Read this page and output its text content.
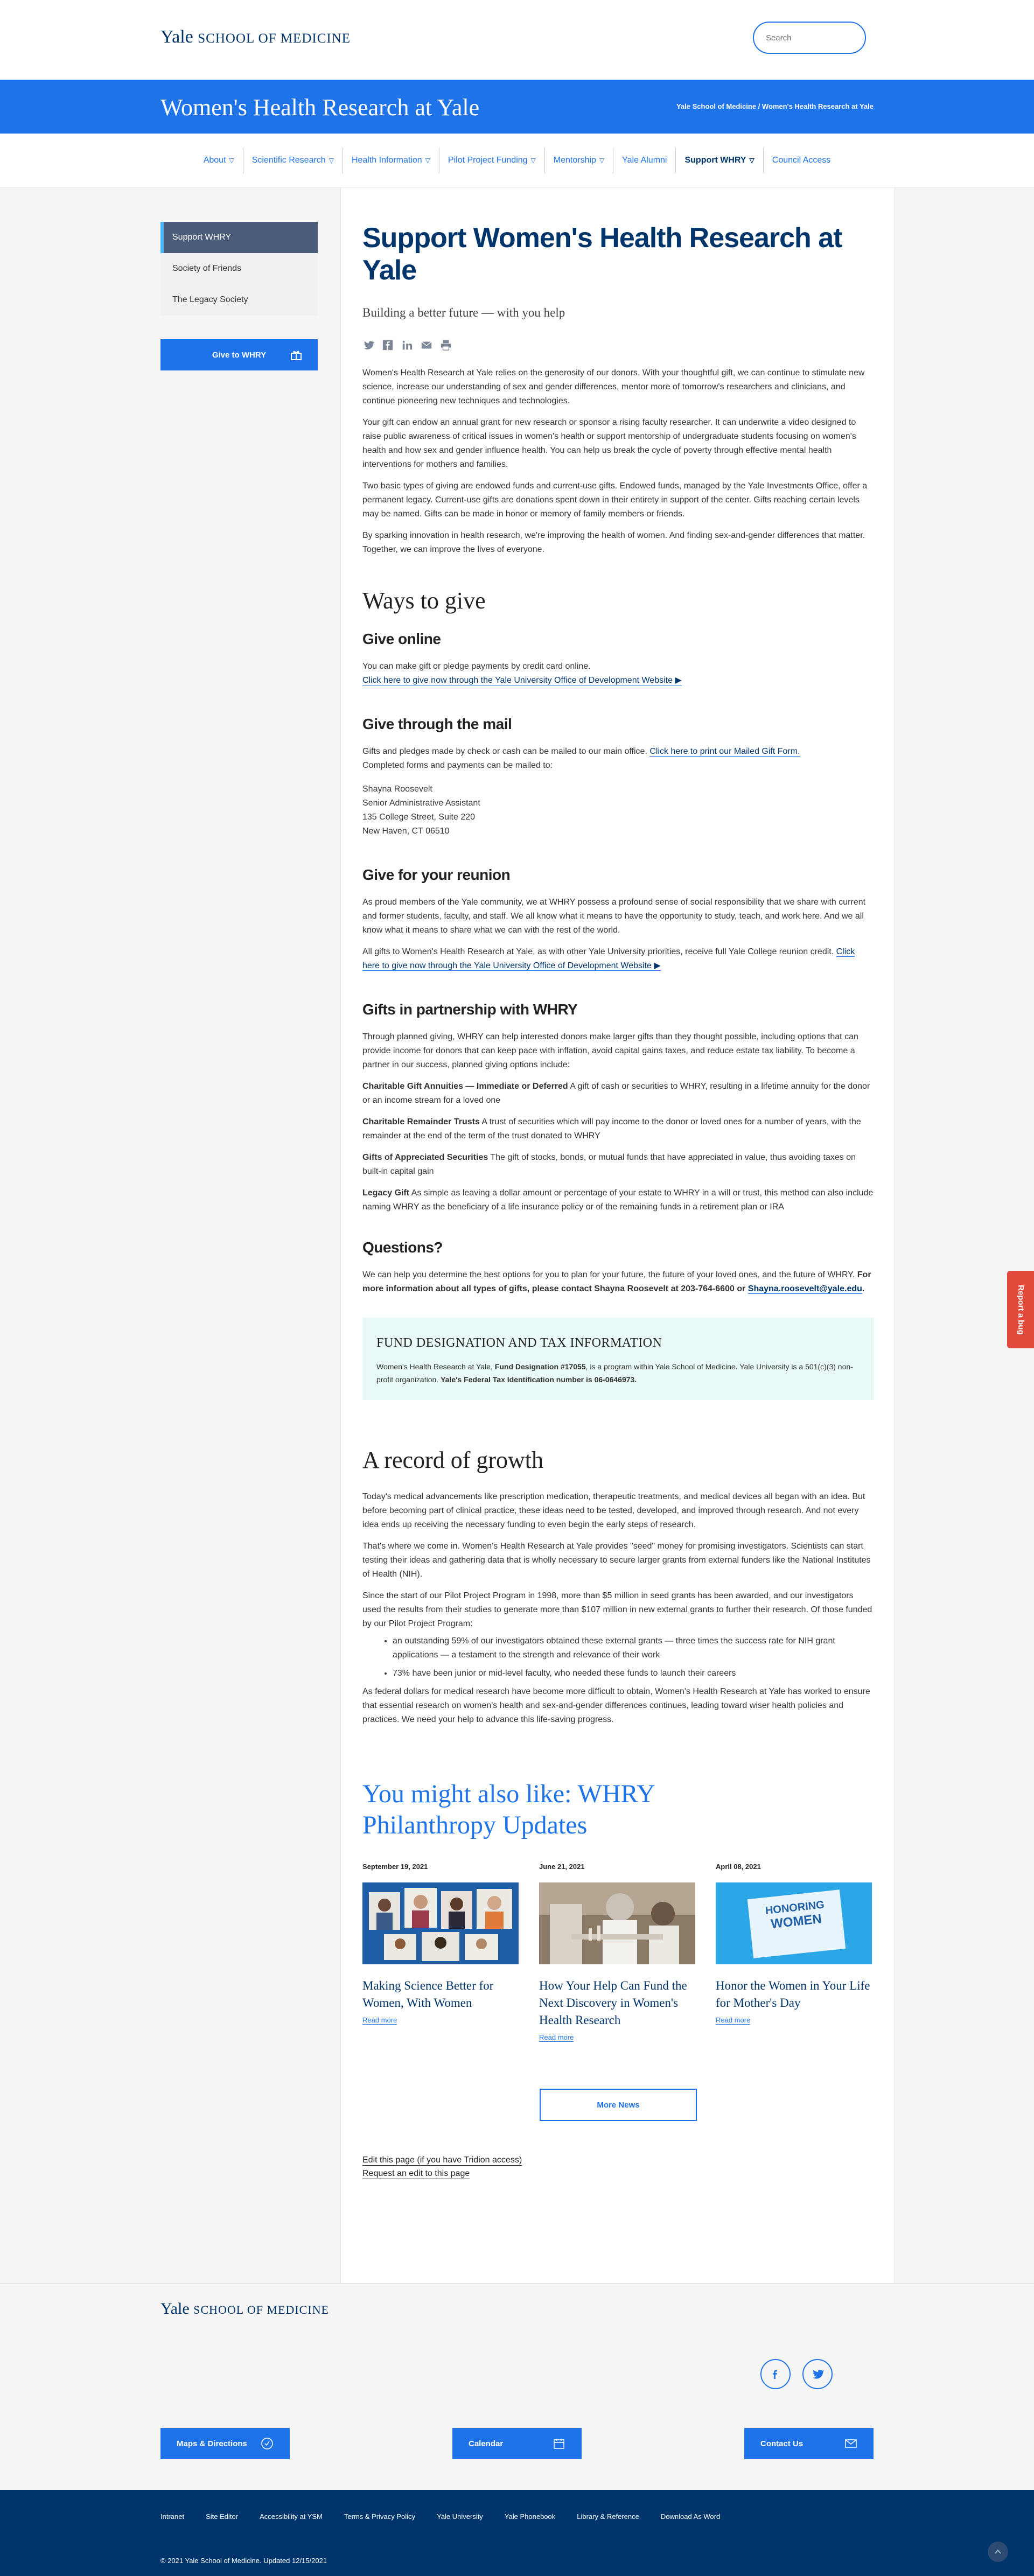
Yale SCHOOL OF MEDICINE
Search
Women's Health Research at Yale	Yale School of Medicine / Women's Health Research at Yale
About ▽ Scientific Research ▽ Health Information ▽ Pilot Project Funding ▽ Mentorship ▽ Yale Alumni Support WHRY ▽ Council Access
Support WHRY
Society of Friends
The Legacy Society
Give to WHRY
Support Women's Health Research at Yale
Building a better future — with you help

Women's Health Research at Yale relies on the generosity of our donors. With your thoughtful gift, we can continue to stimulate new science, increase our understanding of sex and gender differences, mentor more of tomorrow's researchers and clinicians, and continue pioneering new techniques and technologies.

Your gift can endow an annual grant for new research or sponsor a rising faculty researcher. It can underwrite a video designed to raise public awareness of critical issues in women's health or support mentorship of undergraduate students focusing on women's health and how sex and gender influence health. You can help us break the cycle of poverty through effective mental health interventions for mothers and families.

Two basic types of giving are endowed funds and current-use gifts. Endowed funds, managed by the Yale Investments Office, offer a permanent legacy. Current-use gifts are donations spent down in their entirety in support of the center. Gifts reaching certain levels may be named. Gifts can be made in honor or memory of family members or friends.

By sparking innovation in health research, we're improving the health of women. And finding sex-and-gender differences that matter. Together, we can improve the lives of everyone.

Ways to give
Give online

You can make gift or pledge payments by credit card online.

Click here to give now through the Yale University Office of Development Website ▶

Give through the mail

Gifts and pledges made by check or cash can be mailed to our main office. Click here to print our Mailed Gift Form.
Completed forms and payments can be mailed to:

Shayna Roosevelt

Senior Administrative Assistant

135 College Street, Suite 220

New Haven, CT 06510

Give for your reunion

As proud members of the Yale community, we at WHRY possess a profound sense of social responsibility that we share with current and former students, faculty, and staff. We all know what it means to have the opportunity to study, teach, and work here. And we all know what it means to share what we can with the rest of the world.

All gifts to Women's Health Research at Yale, as with other Yale University priorities, receive full Yale College reunion credit. Click here to give now through the Yale University Office of Development Website ▶

Gifts in partnership with WHRY

Through planned giving, WHRY can help interested donors make larger gifts than they thought possible, including options that can provide income for donors that can keep pace with inflation, avoid capital gains taxes, and reduce estate tax liability. To become a partner in our success, planned giving options include:

Charitable Gift Annuities — Immediate or Deferred A gift of cash or securities to WHRY, resulting in a lifetime annuity for the donor or an income stream for a loved one

Charitable Remainder Trusts A trust of securities which will pay income to the donor or loved ones for a number of years, with the remainder at the end of the term of the trust donated to WHRY

Gifts of Appreciated Securities The gift of stocks, bonds, or mutual funds that have appreciated in value, thus avoiding taxes on built-in capital gain

Legacy Gift As simple as leaving a dollar amount or percentage of your estate to WHRY in a will or trust, this method can also include naming WHRY as the beneficiary of a life insurance policy or of the remaining funds in a retirement plan or IRA

Questions?

We can help you determine the best options for you to plan for your future, the future of your loved ones, and the future of WHRY. For more information about all types of gifts, please contact Shayna Roosevelt at 203-764-6600 or Shayna.roosevelt@yale.edu.

FUND DESIGNATION AND TAX INFORMATION

Women's Health Research at Yale, Fund Designation #17055, is a program within Yale School of Medicine. Yale University is a 501(c)(3) non-profit organization. Yale's Federal Tax Identification number is 06-0646973.

A record of growth

Today's medical advancements like prescription medication, therapeutic treatments, and medical devices all began with an idea. But before becoming part of clinical practice, these ideas need to be tested, developed, and improved through research. And not every idea ends up receiving the necessary funding to even begin the early steps of research.

That's where we come in. Women's Health Research at Yale provides "seed" money for promising investigators. Scientists can start testing their ideas and gathering data that is wholly necessary to secure larger grants from external funders like the National Institutes of Health (NIH).

Since the start of our Pilot Project Program in 1998, more than $5 million in seed grants has been awarded, and our investigators used the results from their studies to generate more than $107 million in new external grants to further their research. Of those funded by our Pilot Project Program:

• an outstanding 59% of our investigators obtained these external grants — three times the success rate for NIH grant applications — a testament to the strength and relevance of their work
• 73% have been junior or mid-level faculty, who needed these funds to launch their careers

As federal dollars for medical research have become more difficult to obtain, Women's Health Research at Yale has worked to ensure that essential research on women's health and sex-and-gender differences continues, leading toward wiser health policies and practices. We need your help to advance this life-saving progress.

You might also like: WHRY Philanthropy Updates
September 19, 2021
Making Science Better for Women, With Women
Read more
June 21, 2021
How Your Help Can Fund the Next Discovery in Women's Health Research
Read more
April 08, 2021
HONORING
WOMEN
Honor the Women in Your Life for Mother's Day
Read more
More News
Edit this page (if you have Tridion access)
Request an edit to this page
Report a bug
Yale SCHOOL OF MEDICINE
Maps & Directions	Calendar	Contact Us
Intranet	Site Editor	Accessibility at YSM	Terms & Privacy Policy	Yale University	Yale Phonebook	Library & Reference	Download As Word
© 2021 Yale School of Medicine. Updated 12/15/2021
